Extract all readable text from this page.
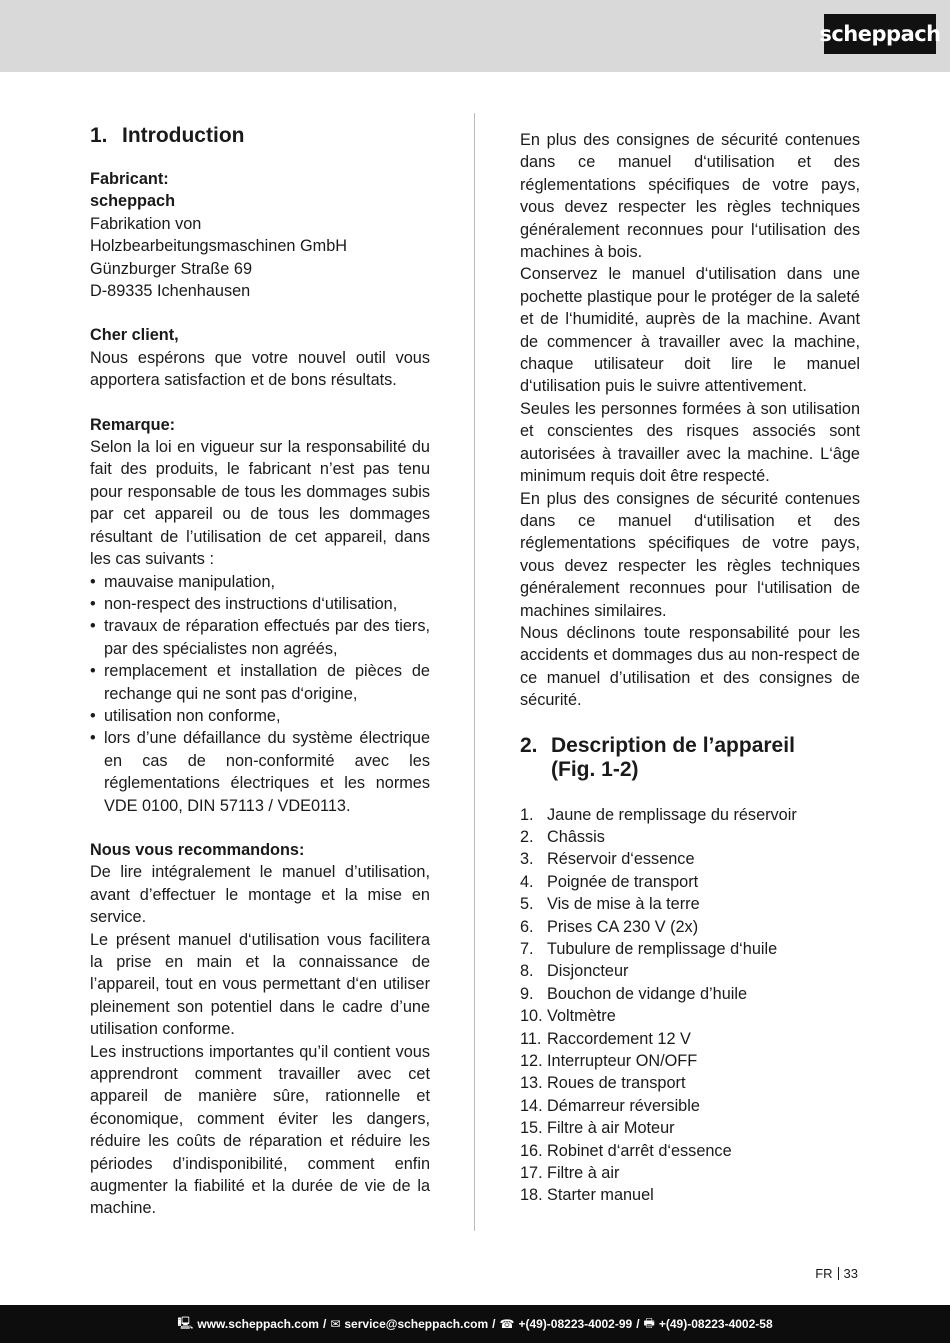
scheppach
1. Introduction
Fabricant:
scheppach
Fabrikation von
Holzbearbeitungsmaschinen GmbH
Günzburger Straße 69
D-89335 Ichenhausen
Cher client,

Nous espérons que votre nouvel outil vous apportera satisfaction et de bons résultats.

Remarque:

Selon la loi en vigueur sur la responsabilité du fait des produits, le fabricant n’est pas tenu pour responsable de tous les dommages subis par cet appareil ou de tous les dommages résultant de l’utilisation de cet appareil, dans les cas suivants :

• mauvaise manipulation,
• non-respect des instructions d‘utilisation,
• travaux de réparation effectués par des tiers, par des spécialistes non agréés,
• remplacement et installation de pièces de rechange qui ne sont pas d‘origine,
• utilisation non conforme,
• lors d’une défaillance du système électrique en cas de non-conformité avec les réglementations électriques et les normes VDE 0100, DIN 57113 / VDE0113.
Nous vous recommandons:

De lire intégralement le manuel d’utilisation, avant d’effectuer le montage et la mise en service.

Le présent manuel d‘utilisation vous facilitera la prise en main et la connaissance de l’appareil, tout en vous permettant d‘en utiliser pleinement son potentiel dans le cadre d’une utilisation conforme.

Les instructions importantes qu’il contient vous apprendront comment travailler avec cet appareil de manière sûre, rationnelle et économique, comment éviter les dangers, réduire les coûts de réparation et réduire les périodes d’indisponibilité, comment enfin augmenter la fiabilité et la durée de vie de la machine.

En plus des consignes de sécurité contenues dans ce manuel d‘utilisation et des réglementations spécifiques de votre pays, vous devez respecter les règles techniques généralement reconnues pour l‘utilisation des machines à bois.

Conservez le manuel d‘utilisation dans une pochette plastique pour le protéger de la saleté et de l‘humidité, auprès de la machine. Avant de commencer à travailler avec la machine, chaque utilisateur doit lire le manuel d‘utilisation puis le suivre attentivement.

Seules les personnes formées à son utilisation et conscientes des risques associés sont autorisées à travailler avec la machine. L‘âge minimum requis doit être respecté.

En plus des consignes de sécurité contenues dans ce manuel d‘utilisation et des réglementations spécifiques de votre pays, vous devez respecter les règles techniques généralement reconnues pour l‘utilisation de machines similaires.

Nous déclinons toute responsabilité pour les accidents et dommages dus au non-respect de ce manuel d’utilisation et des consignes de sécurité.

2. Description de l’appareil
(Fig. 1-2)
1. Jaune de remplissage du réservoir
2. Châssis
3. Réservoir d‘essence
4. Poignée de transport
5. Vis de mise à la terre
6. Prises CA 230 V (2x)
7. Tubulure de remplissage d‘huile
8. Disjoncteur
9. Bouchon de vidange d’huile
10. Voltmètre
11. Raccordement 12 V
12. Interrupteur ON/OFF
13. Roues de transport
14. Démarreur réversible
15. Filtre à air Moteur
16. Robinet d‘arrêt d‘essence
17. Filtre à air
18. Starter manuel
FR 33
🖳 www.scheppach.com / ✉ service@scheppach.com / ☎ +(49)-08223-4002-99 / 🖶 +(49)-08223-4002-58
